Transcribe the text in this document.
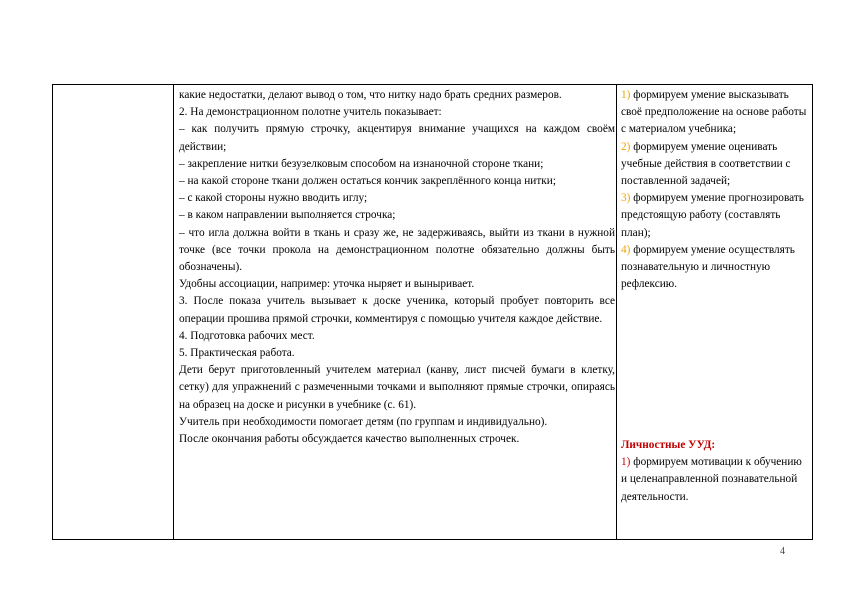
какие недостатки, делают вывод о том, что нитку надо брать средних размеров.

2. На демонстрационном полотне учитель показывает:

– как получить прямую строчку, акцентируя внимание учащихся на каждом своём действии;

– закрепление нитки безузелковым способом на изнаночной стороне ткани;

– на какой стороне ткани должен остаться кончик закреплённого конца нитки;

– с какой стороны нужно вводить иглу;

– в каком направлении выполняется строчка;

– что игла должна войти в ткань и сразу же, не задерживаясь, выйти из ткани в нужной точке (все точки прокола на демонстрационном полотне обязательно должны быть обозначены).

Удобны ассоциации, например: уточка ныряет и выныривает.

3. После показа учитель вызывает к доске ученика, который пробует повторить все операции прошива прямой строчки, комментируя с помощью учителя каждое действие.

4. Подготовка рабочих мест.

5. Практическая работа.

Дети берут приготовленный учителем материал (канву, лист писчей бумаги в клетку, сетку) для упражнений с размеченными точками и выполняют прямые строчки, опираясь на образец на доске и рисунки в учебнике (с. 61).

Учитель при необходимости помогает детям (по группам и индивидуально).

После окончания работы обсуждается качество выполненных строчек.

1) формируем умение высказывать своё предположение на основе работы с материалом учебника;

2) формируем умение оценивать учебные действия в соответствии с поставленной задачей;

3) формируем умение прогнозировать предстоящую работу (составлять план);

4) формируем умение осуществлять познавательную и личностную рефлексию.

Личностные УУД:

1) формируем мотивации к обучению и целенаправленной познавательной деятельности.

4
